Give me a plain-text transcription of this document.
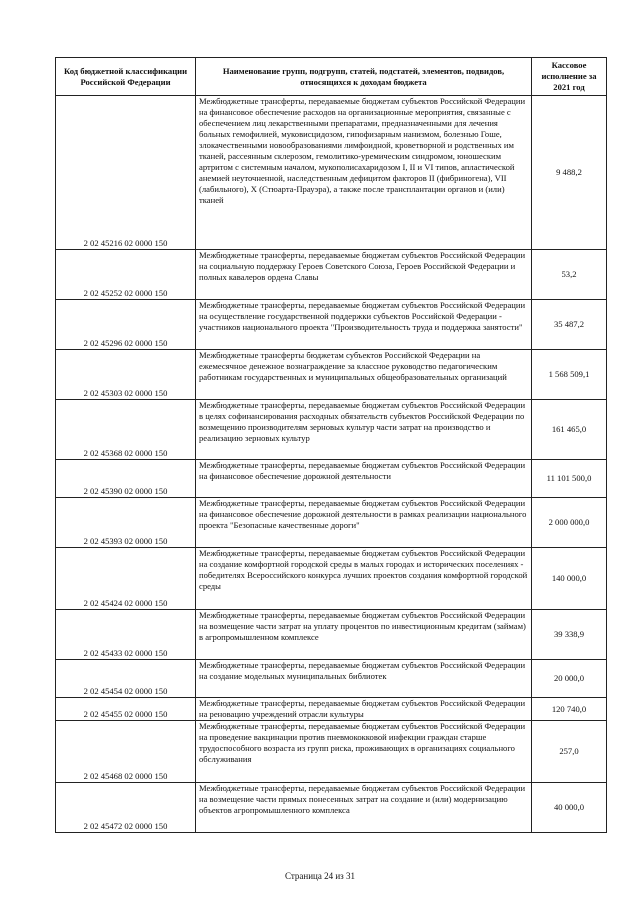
Код бюджетной классификации Российской Федерации	Наименование групп, подгрупп, статей, подстатей, элементов, подвидов, относящихся к доходам бюджета	Кассовое исполнение за 2021 год
2 02 45216 02 0000 150	Межбюджетные трансферты, передаваемые бюджетам субъектов Российской Федерации на финансовое обеспечение расходов на организационные мероприятия, связанные с обеспечением лиц лекарственными препаратами, предназначенными для лечения больных гемофилией, муковисцидозом, гипофизарным нанизмом, болезнью Гоше, злокачественными новообразованиями лимфоидной, кроветворной и родственных им тканей, рассеянным склерозом, гемолитико-уремическим синдромом, юношеским артритом с системным началом, мукополисахаридозом I, II и VI типов, апластической анемией неуточненной, наследственным дефицитом факторов II (фибриногена), VII (лабильного), X (Стюарта-Прауэра), а также после трансплантации органов и (или) тканей	9 488,2
2 02 45252 02 0000 150	Межбюджетные трансферты, передаваемые бюджетам субъектов Российской Федерации на социальную поддержку Героев Советского Союза, Героев Российской Федерации и полных кавалеров ордена Славы	53,2
2 02 45296 02 0000 150	Межбюджетные трансферты, передаваемые бюджетам субъектов Российской Федерации на осуществление государственной поддержки субъектов Российской Федерации - участников национального проекта "Производительность труда и поддержка занятости"	35 487,2
2 02 45303 02 0000 150	Межбюджетные трансферты бюджетам субъектов Российской Федерации на ежемесячное денежное вознаграждение за классное руководство педагогическим работникам государственных и муниципальных общеобразовательных организаций	1 568 509,1
2 02 45368 02 0000 150	Межбюджетные трансферты, передаваемые бюджетам субъектов Российской Федерации в целях софинансирования расходных обязательств субъектов Российской Федерации по возмещению производителям зерновых культур части затрат на производство и реализацию зерновых культур	161 465,0
2 02 45390 02 0000 150	Межбюджетные трансферты, передаваемые бюджетам субъектов Российской Федерации на финансовое обеспечение дорожной деятельности	11 101 500,0
2 02 45393 02 0000 150	Межбюджетные трансферты, передаваемые бюджетам субъектов Российской Федерации на финансовое обеспечение дорожной деятельности в рамках реализации национального проекта "Безопасные качественные дороги"	2 000 000,0
2 02 45424 02 0000 150	Межбюджетные трансферты, передаваемые бюджетам субъектов Российской Федерации на создание комфортной городской среды в малых городах и исторических поселениях - победителях Всероссийского конкурса лучших проектов создания комфортной городской среды	140 000,0
2 02 45433 02 0000 150	Межбюджетные трансферты, передаваемые бюджетам субъектов Российской Федерации на возмещение части затрат на уплату процентов по инвестиционным кредитам (займам) в агропромышленном комплексе	39 338,9
2 02 45454 02 0000 150	Межбюджетные трансферты, передаваемые бюджетам субъектов Российской Федерации на создание модельных муниципальных библиотек	20 000,0
2 02 45455 02 0000 150	Межбюджетные трансферты, передаваемые бюджетам субъектов Российской Федерации на реновацию учреждений отрасли культуры	120 740,0
2 02 45468 02 0000 150	Межбюджетные трансферты, передаваемые бюджетам субъектов Российской Федерации на проведение вакцинации против пневмококковой инфекции граждан старше трудоспособного возраста из групп риска, проживающих в организациях социального обслуживания	257,0
2 02 45472 02 0000 150	Межбюджетные трансферты, передаваемые бюджетам субъектов Российской Федерации на возмещение части прямых понесенных затрат на создание и (или) модернизацию объектов агропромышленного комплекса	40 000,0
Страница 24 из 31
